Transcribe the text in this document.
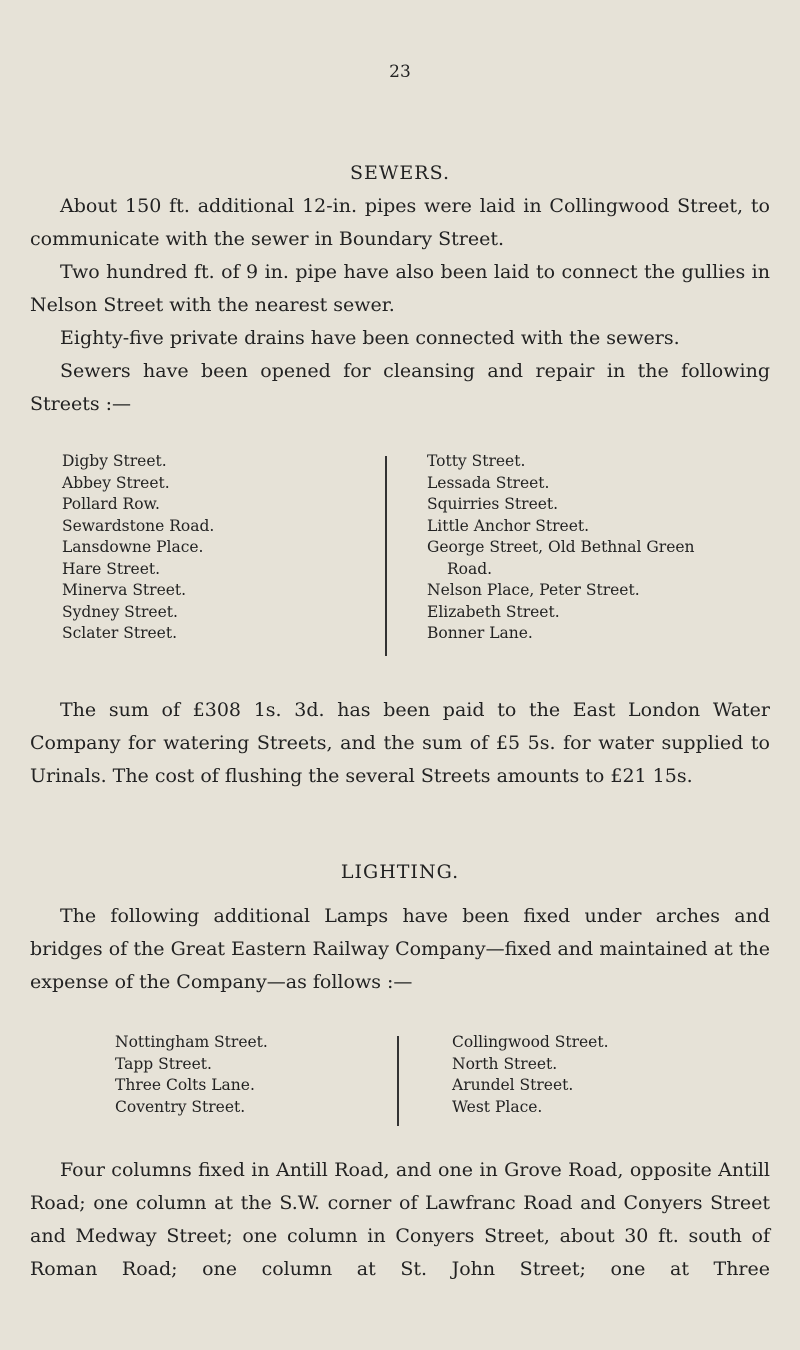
23
SEWERS.

About 150 ft. additional 12-in. pipes were laid in Collingwood Street, to communicate with the sewer in Boundary Street.

Two hundred ft. of 9 in. pipe have also been laid to connect the gullies in Nelson Street with the nearest sewer.

Eighty-five private drains have been connected with the sewers.

Sewers have been opened for cleansing and repair in the following Streets :—

Digby Street.
Abbey Street.
Pollard Row.
Sewardstone Road.
Lansdowne Place.
Hare Street.
Minerva Street.
Sydney Street.
Sclater Street.
Totty Street.
Lessada Street.
Squirries Street.
Little Anchor Street.
George Street, Old Bethnal Green
Road.
Nelson Place, Peter Street.
Elizabeth Street.
Bonner Lane.

The sum of £308 1s. 3d. has been paid to the East London Water Company for watering Streets, and the sum of £5 5s. for water supplied to Urinals. The cost of flushing the several Streets amounts to £21 15s.

LIGHTING.

The following additional Lamps have been fixed under arches and bridges of the Great Eastern Railway Company—fixed and maintained at the expense of the Company—as follows :—

Nottingham Street.
Tapp Street.
Three Colts Lane.
Coventry Street.
Collingwood Street.
North Street.
Arundel Street.
West Place.

Four columns fixed in Antill Road, and one in Grove Road, opposite Antill Road; one column at the S.W. corner of Lawfranc Road and Conyers Street and Medway Street; one column in Conyers Street, about 30 ft. south of Roman Road; one column at St. John Street; one at Three
